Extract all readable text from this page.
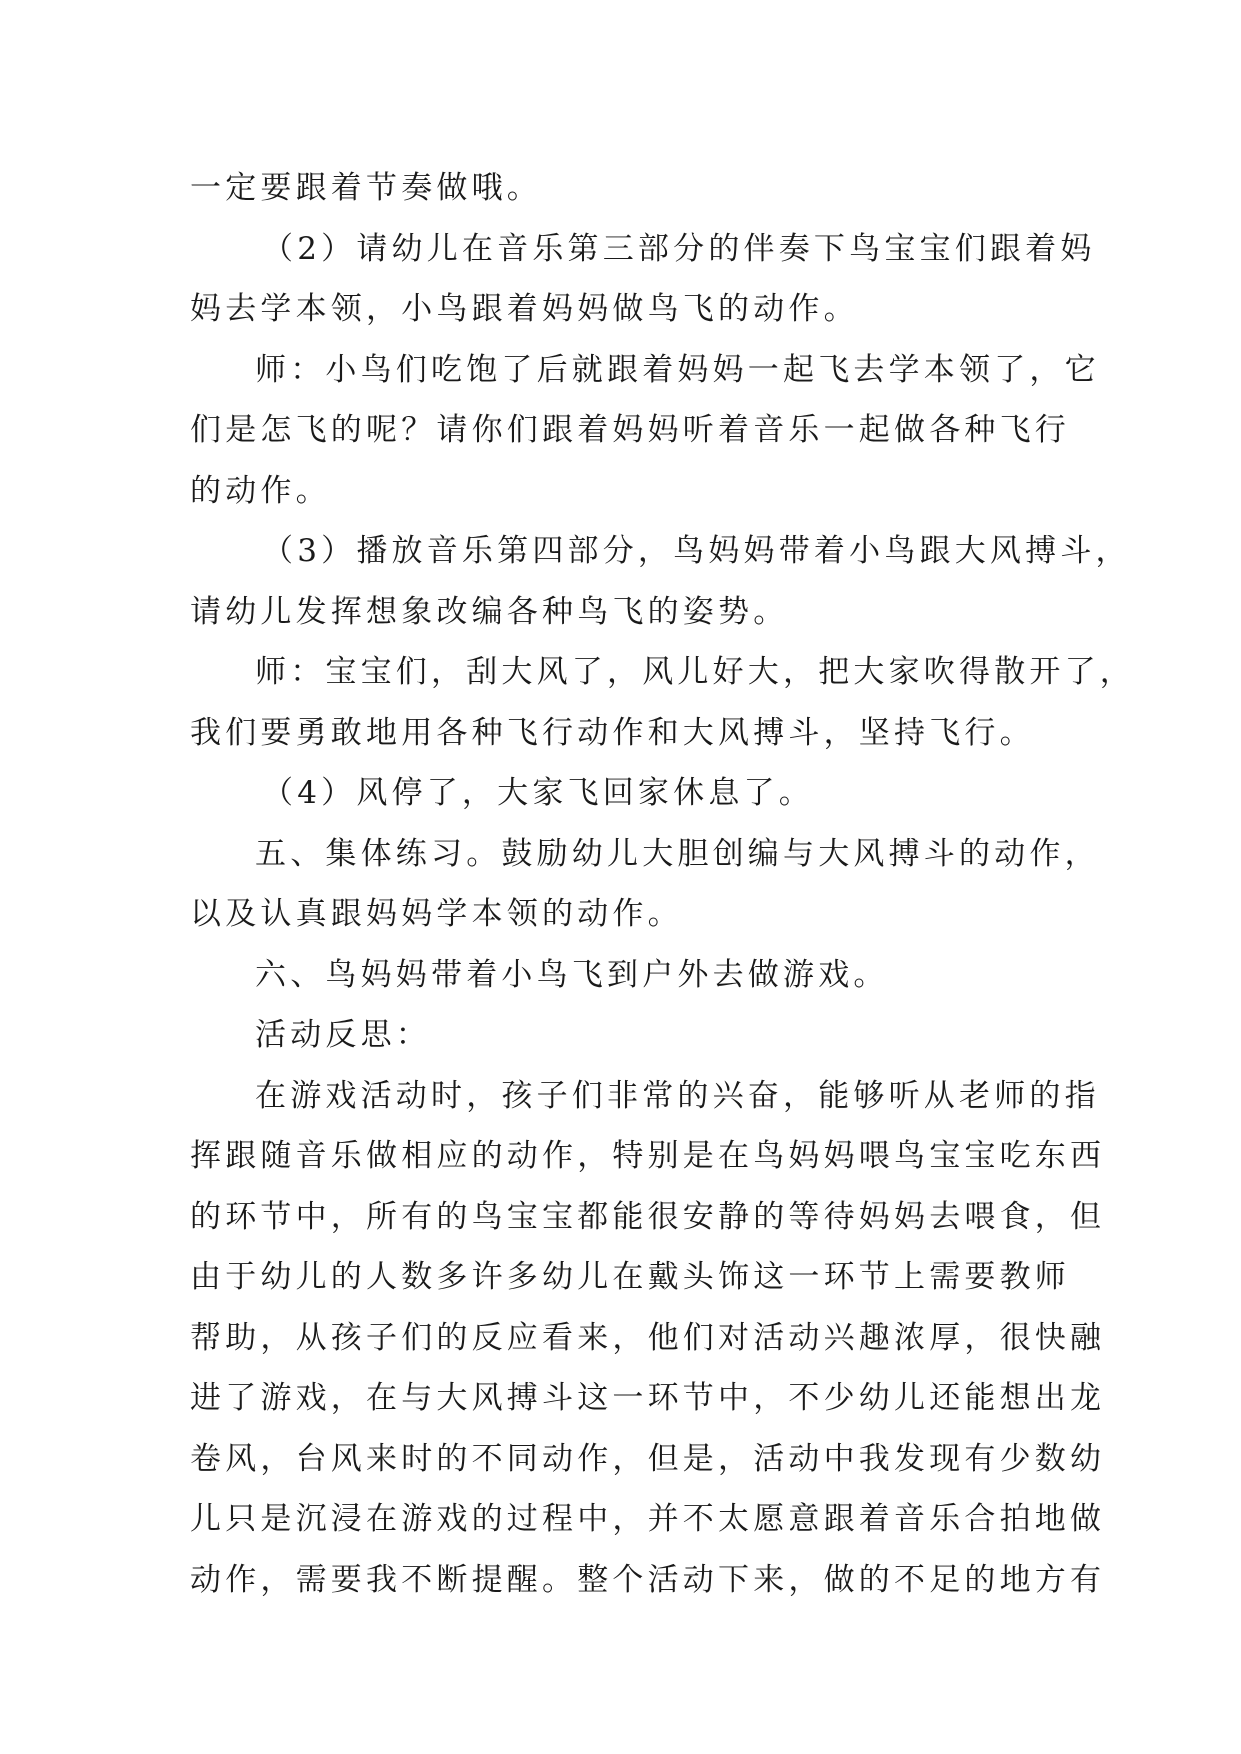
一定要跟着节奏做哦。
（2）请幼儿在音乐第三部分的伴奏下鸟宝宝们跟着妈
妈去学本领，小鸟跟着妈妈做鸟飞的动作。
师：小鸟们吃饱了后就跟着妈妈一起飞去学本领了，它
们是怎飞的呢？请你们跟着妈妈听着音乐一起做各种飞行
的动作。
（3）播放音乐第四部分，鸟妈妈带着小鸟跟大风搏斗，
请幼儿发挥想象改编各种鸟飞的姿势。
师：宝宝们，刮大风了，风儿好大，把大家吹得散开了，
我们要勇敢地用各种飞行动作和大风搏斗，坚持飞行。
（4）风停了，大家飞回家休息了。
五、集体练习。鼓励幼儿大胆创编与大风搏斗的动作，
以及认真跟妈妈学本领的动作。
六、鸟妈妈带着小鸟飞到户外去做游戏。
活动反思：
在游戏活动时，孩子们非常的兴奋，能够听从老师的指
挥跟随音乐做相应的动作，特别是在鸟妈妈喂鸟宝宝吃东西
的环节中，所有的鸟宝宝都能很安静的等待妈妈去喂食，但
由于幼儿的人数多许多幼儿在戴头饰这一环节上需要教师
帮助，从孩子们的反应看来，他们对活动兴趣浓厚，很快融
进了游戏，在与大风搏斗这一环节中，不少幼儿还能想出龙
卷风，台风来时的不同动作，但是，活动中我发现有少数幼
儿只是沉浸在游戏的过程中，并不太愿意跟着音乐合拍地做
动作，需要我不断提醒。整个活动下来，做的不足的地方有
